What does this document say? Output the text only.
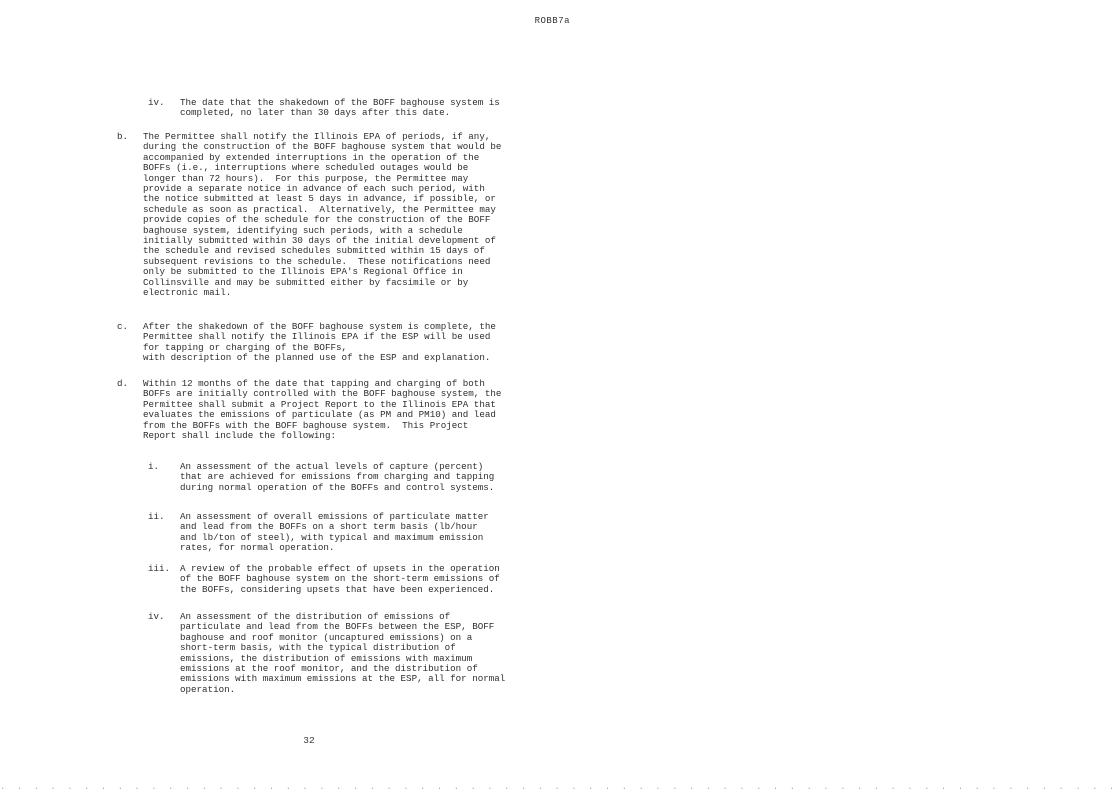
ROBB7a
iv. The date that the shakedown of the BOFF baghouse system is
completed, no later than 30 days after this date.
b. The Permittee shall notify the Illinois EPA of periods, if any,
during the construction of the BOFF baghouse system that would be
accompanied by extended interruptions in the operation of the
BOFFs (i.e., interruptions where scheduled outages would be
longer than 72 hours).  For this purpose, the Permittee may
provide a separate notice in advance of each such period, with
the notice submitted at least 5 days in advance, if possible, or
schedule as soon as practical.  Alternatively, the Permittee may
provide copies of the schedule for the construction of the BOFF
baghouse system, identifying such periods, with a schedule
initially submitted within 30 days of the initial development of
the schedule and revised schedules submitted within 15 days of
subsequent revisions to the schedule.  These notifications need
only be submitted to the Illinois EPA's Regional Office in
Collinsville and may be submitted either by facsimile or by
electronic mail.
c. After the shakedown of the BOFF baghouse system is complete, the
Permittee shall notify the Illinois EPA if the ESP will be used
for tapping or charging of the BOFFs,
with description of the planned use of the ESP and explanation.
d. Within 12 months of the date that tapping and charging of both
BOFFs are initially controlled with the BOFF baghouse system, the
Permittee shall submit a Project Report to the Illinois EPA that
evaluates the emissions of particulate (as PM and PM10) and lead
from the BOFFs with the BOFF baghouse system.  This Project
Report shall include the following:
i. An assessment of the actual levels of capture (percent)
that are achieved for emissions from charging and tapping
during normal operation of the BOFFs and control systems.
ii. An assessment of overall emissions of particulate matter
and lead from the BOFFs on a short term basis (lb/hour
and lb/ton of steel), with typical and maximum emission
rates, for normal operation.
iii. A review of the probable effect of upsets in the operation
of the BOFF baghouse system on the short-term emissions of
the BOFFs, considering upsets that have been experienced.
iv. An assessment of the distribution of emissions of
particulate and lead from the BOFFs between the ESP, BOFF
baghouse and roof monitor (uncaptured emissions) on a
short-term basis, with the typical distribution of
emissions, the distribution of emissions with maximum
emissions at the roof monitor, and the distribution of
emissions with maximum emissions at the ESP, all for normal
operation.
32
. . . . . . . . . . . . . . . . . . . . . . . . . . . . . . . . . . . . . . . . . . . . . . . . . . . . . . . . . . . . . . . . . . .
